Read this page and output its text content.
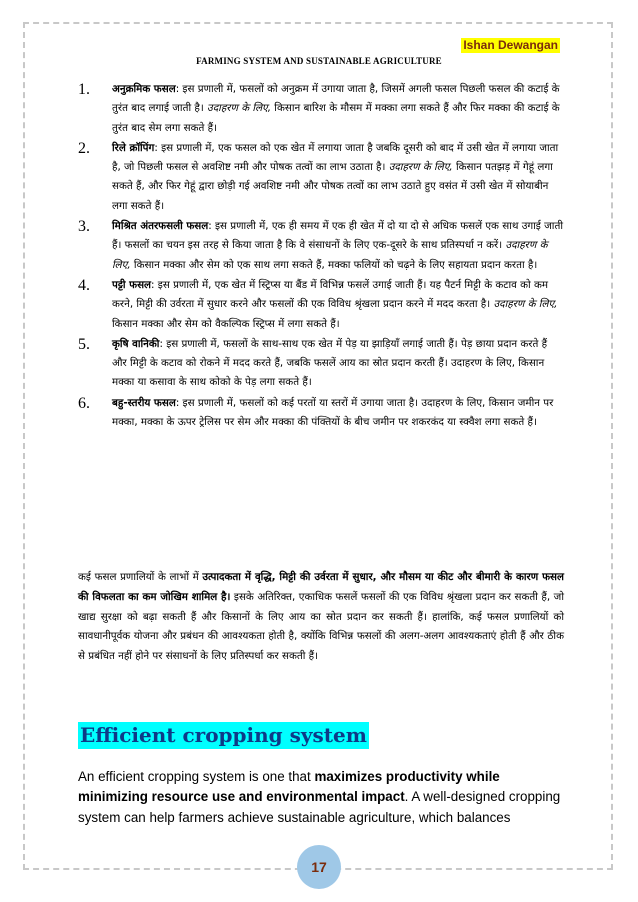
Ishan Dewangan
FARMING SYSTEM AND SUSTAINABLE AGRICULTURE
1. अनुक्रमिक फसल: इस प्रणाली में, फसलों को अनुक्रम में उगाया जाता है, जिसमें अगली फसल पिछली फसल की कटाई के तुरंत बाद लगाई जाती है। उदाहरण के लिए, किसान बारिश के मौसम में मक्का लगा सकते हैं और फिर मक्का की कटाई के तुरंत बाद सेम लगा सकते हैं।
2. रिले क्रॉपिंग: इस प्रणाली में, एक फसल को एक खेत में लगाया जाता है जबकि दूसरी को बाद में उसी खेत में लगाया जाता है, जो पिछली फसल से अवशिष्ट नमी और पोषक तत्वों का लाभ उठाता है। उदाहरण के लिए, किसान पतझड़ में गेहूं लगा सकते हैं, और फिर गेहूं द्वारा छोड़ी गई अवशिष्ट नमी और पोषक तत्वों का लाभ उठाते हुए वसंत में उसी खेत में सोयाबीन लगा सकते हैं।
3. मिश्रित अंतरफसली फसल: इस प्रणाली में, एक ही समय में एक ही खेत में दो या दो से अधिक फसलें एक साथ उगाई जाती हैं। फसलों का चयन इस तरह से किया जाता है कि वे संसाधनों के लिए एक-दूसरे के साथ प्रतिस्पर्धा न करें। उदाहरण के लिए, किसान मक्का और सेम को एक साथ लगा सकते हैं, मक्का फलियों को चढ़ने के लिए सहायता प्रदान करता है।
4. पट्टी फसल: इस प्रणाली में, एक खेत में स्ट्रिप्स या बैंड में विभिन्न फसलें उगाई जाती हैं। यह पैटर्न मिट्टी के कटाव को कम करने, मिट्टी की उर्वरता में सुधार करने और फसलों की एक विविध श्रृंखला प्रदान करने में मदद करता है। उदाहरण के लिए, किसान मक्का और सेम को वैकल्पिक स्ट्रिप्स में लगा सकते हैं।
5. कृषि वानिकी: इस प्रणाली में, फसलों के साथ-साथ एक खेत में पेड़ या झाड़ियाँ लगाई जाती हैं। पेड़ छाया प्रदान करते हैं और मिट्टी के कटाव को रोकने में मदद करते हैं, जबकि फसलें आय का स्रोत प्रदान करती हैं। उदाहरण के लिए, किसान मक्का या कसावा के साथ कोको के पेड़ लगा सकते हैं।
6. बहु-स्तरीय फसल: इस प्रणाली में, फसलों को कई परतों या स्तरों में उगाया जाता है। उदाहरण के लिए, किसान जमीन पर मक्का, मक्का के ऊपर ट्रेलिस पर सेम और मक्का की पंक्तियों के बीच जमीन पर शकरकंद या स्क्वैश लगा सकते हैं।
कई फसल प्रणालियों के लाभों में उत्पादकता में वृद्धि, मिट्टी की उर्वरता में सुधार, और मौसम या कीट और बीमारी के कारण फसल की विफलता का कम जोखिम शामिल है। इसके अतिरिक्त, एकाधिक फसलें फसलों की एक विविध श्रृंखला प्रदान कर सकती हैं, जो खाद्य सुरक्षा को बढ़ा सकती हैं और किसानों के लिए आय का स्रोत प्रदान कर सकती हैं। हालांकि, कई फसल प्रणालियों को सावधानीपूर्वक योजना और प्रबंधन की आवश्यकता होती है, क्योंकि विभिन्न फसलों की अलग-अलग आवश्यकताएं होती हैं और ठीक से प्रबंधित नहीं होने पर संसाधनों के लिए प्रतिस्पर्धा कर सकती हैं।
Efficient cropping system
An efficient cropping system is one that maximizes productivity while minimizing resource use and environmental impact. A well-designed cropping system can help farmers achieve sustainable agriculture, which balances
17
